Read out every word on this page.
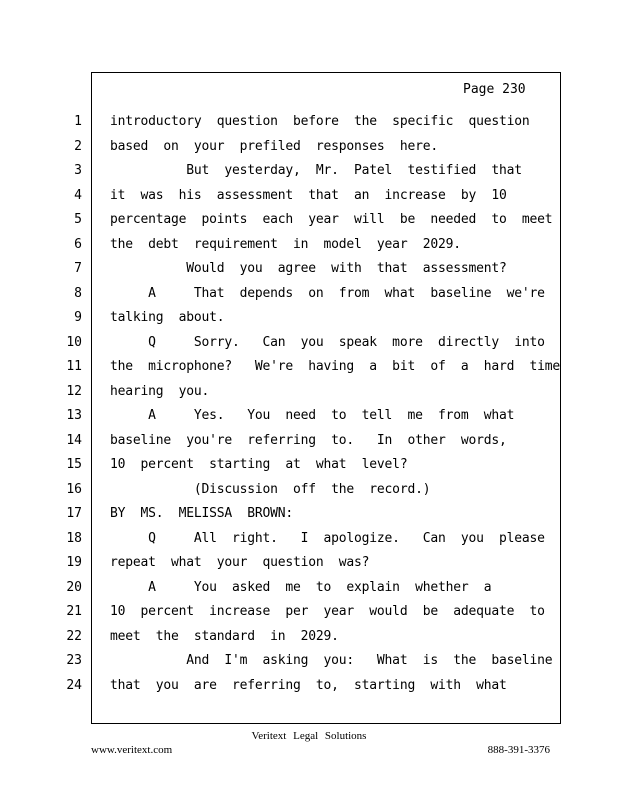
Page 230
1 introductory  question  before  the  specific  question
2 based  on  your  prefiled  responses  here.
3 But  yesterday,  Mr.  Patel  testified  that
4 it  was  his  assessment  that  an  increase  by  10
5 percentage  points  each  year  will  be  needed  to  meet
6 the  debt  requirement  in  model  year  2029.
7 Would  you  agree  with  that  assessment?
8 A     That  depends  on  from  what  baseline  we're
9 talking  about.
10 Q     Sorry.   Can  you  speak  more  directly  into
11 the  microphone?   We're  having  a  bit  of  a  hard  time
12 hearing  you.
13 A     Yes.   You  need  to  tell  me  from  what
14 baseline  you're  referring  to.   In  other  words,
15 10  percent  starting  at  what  level?
16 (Discussion  off  the  record.)
17 BY  MS.  MELISSA  BROWN:
18 Q     All  right.   I  apologize.   Can  you  please
19 repeat  what  your  question  was?
20 A     You  asked  me  to  explain  whether  a
21 10  percent  increase  per  year  would  be  adequate  to
22 meet  the  standard  in  2029.
23 And  I'm  asking  you:   What  is  the  baseline
24 that  you  are  referring  to,  starting  with  what
Veritext Legal Solutions
www.veritext.com	888-391-3376
